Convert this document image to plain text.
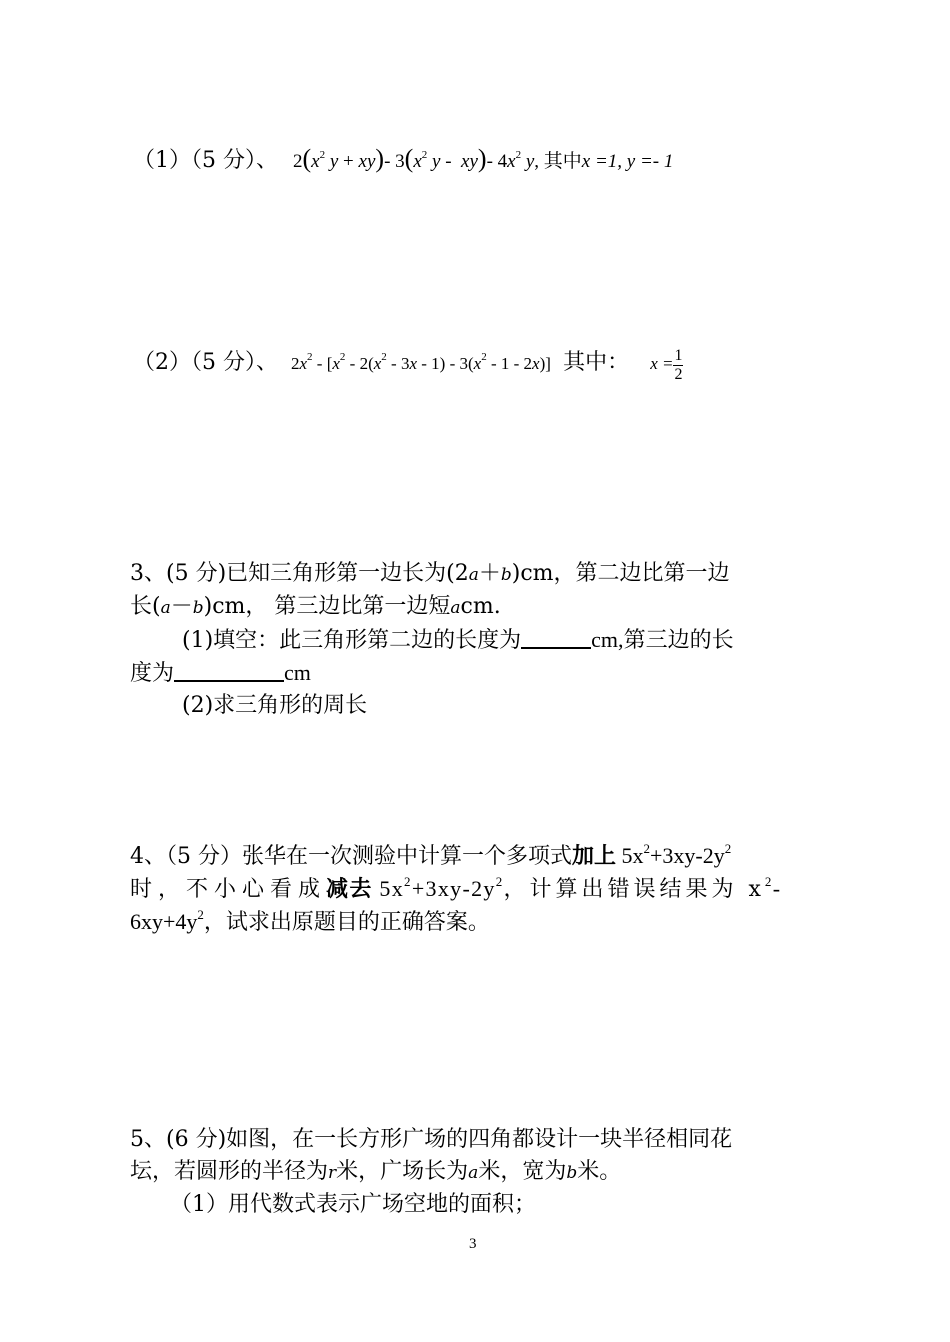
（1）（5 分）、 $2(x^2$ y + xy)- $3(x^2$ y -  xy)- $4x^2$ y, 其中x =1, y =- 1
（2）（5 分）、 $2x^2 - [x^2 - 2(x^2 - 3x - 1) - 3(x^2 - 1 - 2x)]$ 其中： $x = \frac{1}{2}$
3、(5 分)已知三角形第一边长为(2a＋b)cm，第二边比第一边
长(a－b)cm， 第三边比第一边短acm.
(1)填空：此三角形第二边的长度为	cm,第三边的长
度为	cm
(2)求三角形的周长
4、（5 分）张华在一次测验中计算一个多项式加上 $5x^2+3xy-2y^2$
时，不小心看成减去 $5x^2+3xy-2y^2$，计算出错误结果为 $x^2-$
$6xy+4y^2$，试求出原题目的正确答案。
5、(6 分)如图，在一长方形广场的四角都设计一块半径相同花
坛，若圆形的半径为r米，广场长为a米，宽为b米。
（1）用代数式表示广场空地的面积；
3
